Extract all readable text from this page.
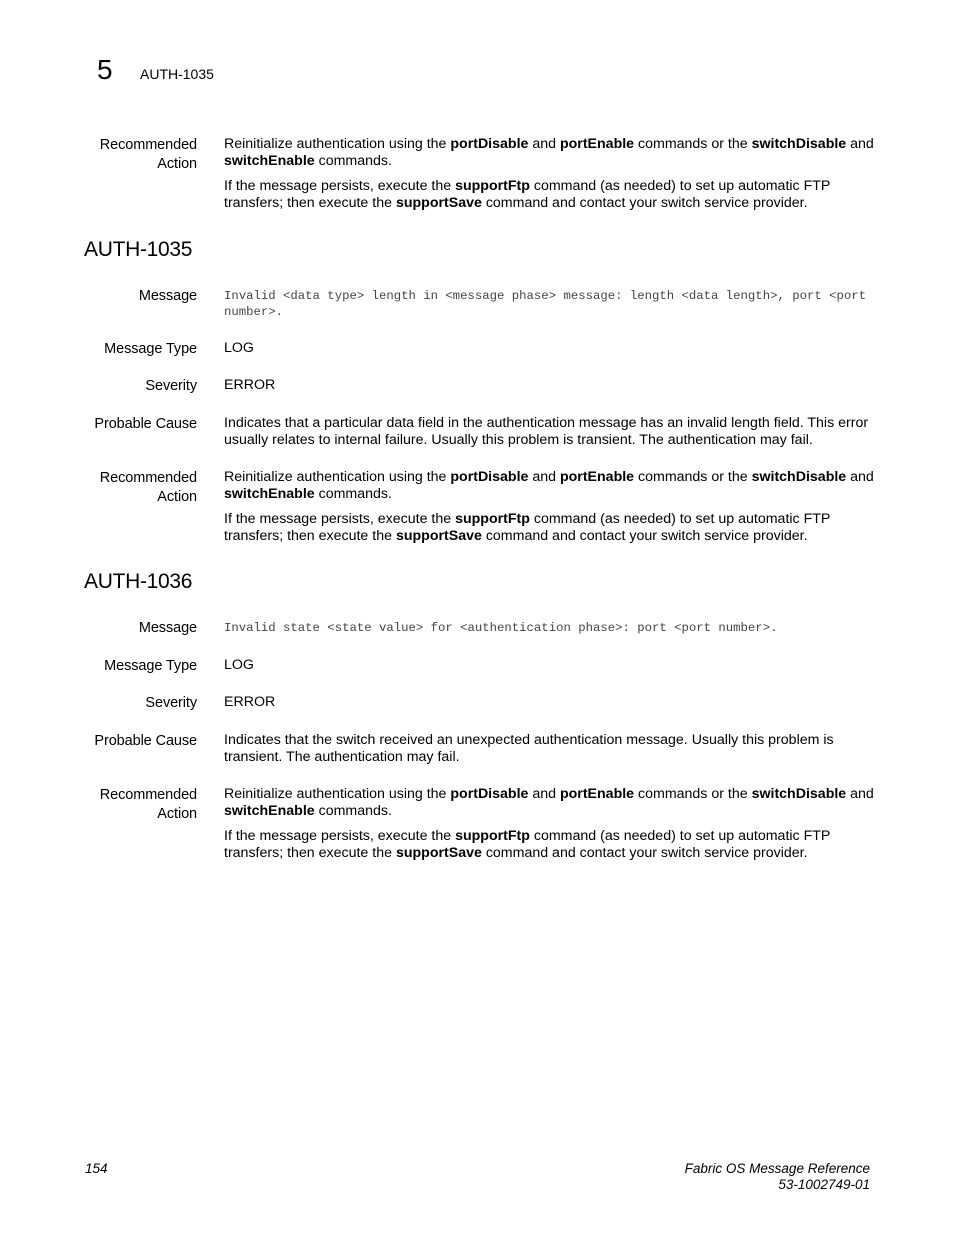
5 AUTH-1035
Recommended
Action

Reinitialize authentication using the portDisable and portEnable commands or the switchDisable and switchEnable commands.

If the message persists, execute the supportFtp command (as needed) to set up automatic FTP transfers; then execute the supportSave command and contact your switch service provider.

AUTH-1035
Message Invalid <data type> length in <message phase> message: length <data length>, port <port number>.
Message Type LOG
Severity ERROR
Probable Cause Indicates that a particular data field in the authentication message has an invalid length field. This error usually relates to internal failure. Usually this problem is transient. The authentication may fail.
Recommended
Action

Reinitialize authentication using the portDisable and portEnable commands or the switchDisable and switchEnable commands.

If the message persists, execute the supportFtp command (as needed) to set up automatic FTP transfers; then execute the supportSave command and contact your switch service provider.

AUTH-1036
Message Invalid state <state value> for <authentication phase>: port <port number>.
Message Type LOG
Severity ERROR
Probable Cause Indicates that the switch received an unexpected authentication message. Usually this problem is transient. The authentication may fail.
Recommended
Action

Reinitialize authentication using the portDisable and portEnable commands or the switchDisable and switchEnable commands.

If the message persists, execute the supportFtp command (as needed) to set up automatic FTP transfers; then execute the supportSave command and contact your switch service provider.

154	Fabric OS Message Reference
53-1002749-01
